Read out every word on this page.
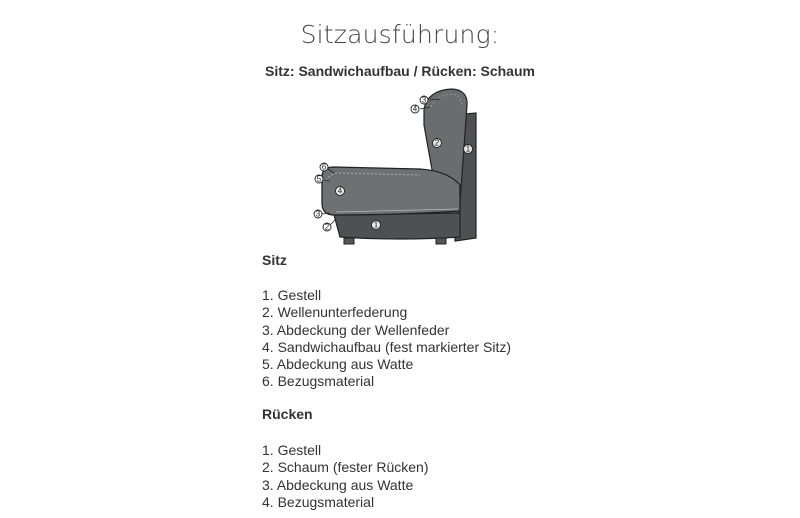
Sitzausführung:
Sitz: Sandwichaufbau / Rücken: Schaum
6
5
4
3
2	1
3
4
2
1
Sitz
1. Gestell
2. Wellenunterfederung
3. Abdeckung der Wellenfeder
4. Sandwichaufbau (fest markierter Sitz)
5. Abdeckung aus Watte
6. Bezugsmaterial
Rücken
1. Gestell
2. Schaum (fester Rücken)
3. Abdeckung aus Watte
4. Bezugsmaterial
